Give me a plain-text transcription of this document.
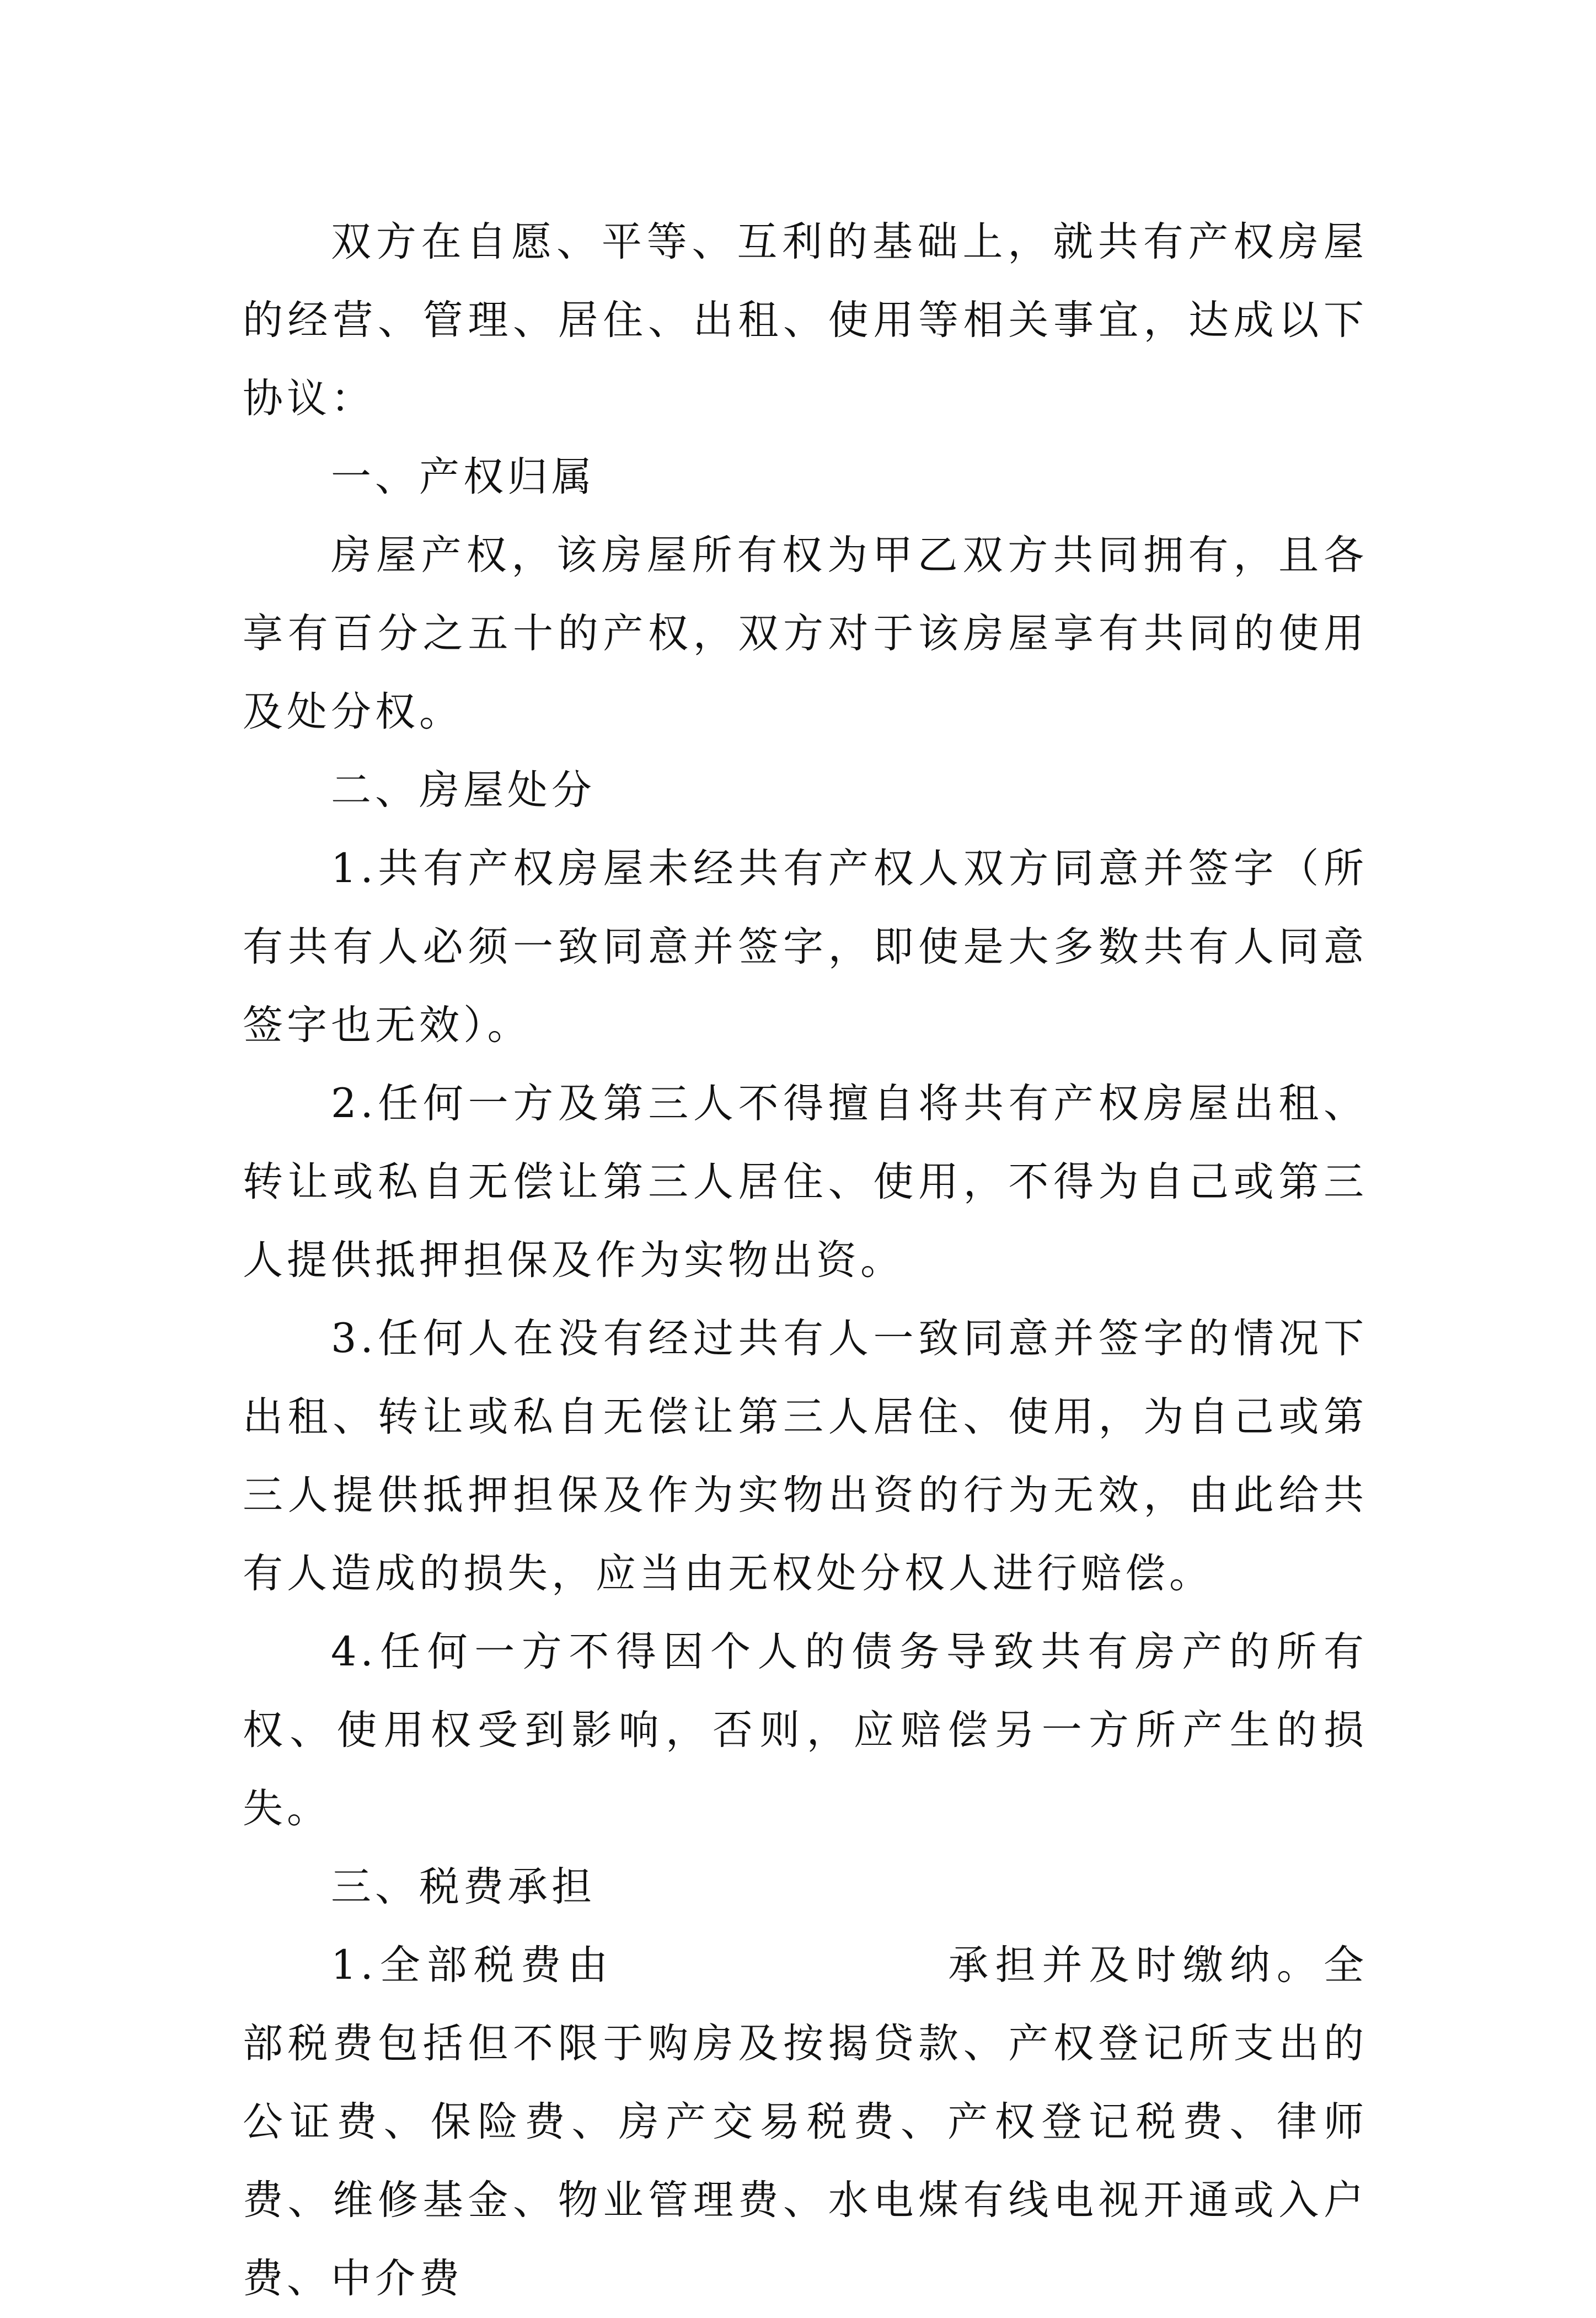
双方在自愿、平等、互利的基础上，就共有产权房屋的经营、管理、居住、出租、使用等相关事宜，达成以下协议：

一、产权归属

房屋产权，该房屋所有权为甲乙双方共同拥有，且各享有百分之五十的产权，双方对于该房屋享有共同的使用及处分权。

二、房屋处分

1.共有产权房屋未经共有产权人双方同意并签字（所有共有人必须一致同意并签字，即使是大多数共有人同意签字也无效）。

2.任何一方及第三人不得擅自将共有产权房屋出租、转让或私自无偿让第三人居住、使用，不得为自己或第三人提供抵押担保及作为实物出资。

3.任何人在没有经过共有人一致同意并签字的情况下出租、转让或私自无偿让第三人居住、使用，为自己或第三人提供抵押担保及作为实物出资的行为无效，由此给共有人造成的损失，应当由无权处分权人进行赔偿。

4.任何一方不得因个人的债务导致共有房产的所有权、使用权受到影响，否则，应赔偿另一方所产生的损失。

三、税费承担

1.全部税费由	承担并及时缴纳。全部税费包括但不限于购房及按揭贷款、产权登记所支出的公证费、保险费、房产交易税费、产权登记税费、律师费、维修基金、物业管理费、水电煤有线电视开通或入户费、中介费
